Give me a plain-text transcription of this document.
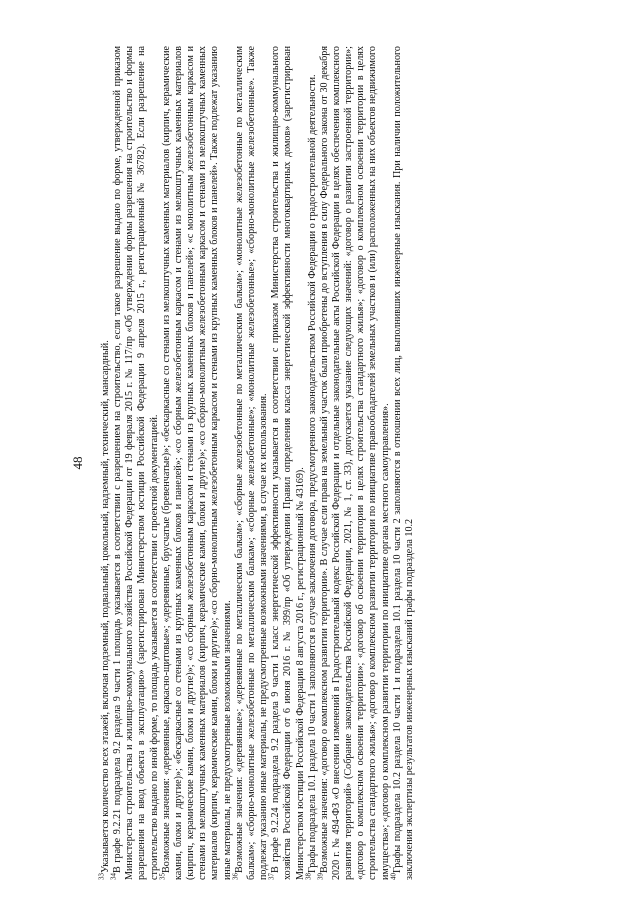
48

$^{33}$Указывается количество всех этажей, включая подземный, подвальный, цокольный, надземный, технический, мансардный.

$^{34}$В графе 9.2.21 подраздела 9.2 раздела 9 части 1 площадь указывается в соответствии с разрешением на строительство, если такое разрешение выдано по форме, утвержденной приказом Министерства строительства и жилищно-коммунального хозяйства Российской Федерации от 19 февраля 2015 г. № 117/пр «Об утверждении формы разрешения на строительство и формы разрешения на ввод объекта в эксплуатацию» (зарегистрирован Министерством юстиции Российской Федерации 9 апреля 2015 г., регистрационный № 36782). Если разрешение на строительство выдано по иной форме, то площадь указывается в соответствии с проектной документацией.

$^{35}$Возможные значения: «деревянные, каркасно-щитовые»; «деревянные, брусчатые (бревенчатые)»; «бескаркасные со стенами из мелкоштучных каменных материалов (кирпич, керамические камни, блоки и другие)»; «бескаркасные со стенами из крупных каменных блоков и панелей»; «со сборным железобетонным каркасом и стенами из мелкоштучных каменных материалов (кирпич, керамические камни, блоки и другие)»; «со сборным железобетонным каркасом и стенами из крупных каменных блоков и панелей»; «с монолитным железобетонным каркасом и стенами из мелкоштучных каменных материалов (кирпич, керамические камни, блоки и другие)»; «со сборно-монолитным железобетонным каркасом и стенами из мелкоштучных каменных материалов (кирпич, керамические камни, блоки и другие)»; «со сборно-монолитным железобетонным каркасом и стенами из крупных каменных блоков и панелей». Также подлежат указанию иные материалы, не предусмотренные возможными значениями.

$^{36}$Возможные значения: «деревянные»; «деревянные по металлическим балкам»; «сборные железобетонные по металлическим балкам»; «монолитные железобетонные по металлическим балкам»; «сборно-монолитные железобетонные по металлическим балкам»; «сборные железобетонные»; «монолитные железобетонные»; «сборно-монолитные железобетонные». Также подлежат указанию иные материалы, не предусмотренные возможными значениями, в случае их использования.

$^{37}$В графе 9.2.24 подраздела 9.2 раздела 9 части 1 класс энергетической эффективности указывается в соответствии с приказом Министерства строительства и жилищно-коммунального хозяйства Российской Федерации от 6 июня 2016 г. № 399/пр «Об утверждении Правил определения класса энергетической эффективности многоквартирных домов» (зарегистрирован Министерством юстиции Российской Федерации 8 августа 2016 г., регистрационный № 43169).

$^{38}$Графы подраздела 10.1 раздела 10 части 1 заполняются в случае заключения договора, предусмотренного законодательством Российской Федерации о градостроительной деятельности.

$^{39}$Возможные значения: «договор о комплексном развитии территории». В случае если права на земельный участок были приобретены до вступления в силу Федерального закона от 30 декабря 2020 г. № 494-ФЗ «О внесении изменений в Градостроительный кодекс Российской Федерации и отдельные законодательные акты Российской Федерации в целях обеспечения комплексного развития территорий» (Собрание законодательства Российской Федерации, 2021, № 1, ст. 33), допускается указание следующих значений: «договор о развитии застроенной территории»; «договор о комплексном освоении территории»; «договор об освоении территории в целях строительства стандартного жилья»; «договор о комплексном освоении территории в целях строительства стандартного жилья»; «договор о комплексном развитии территории по инициативе правообладателей земельных участков и (или) расположенных на них объектов недвижимого имущества»; «договор о комплексном развитии территории по инициативе органа местного самоуправления».

$^{40}$Графы подраздела 10.2 раздела 10 части 1 и подраздела 10.1 раздела 10 части 2 заполняются в отношении всех лиц, выполнивших инженерные изыскания. При наличии положительного заключения экспертизы результатов инженерных изысканий графы подраздела 10.2
